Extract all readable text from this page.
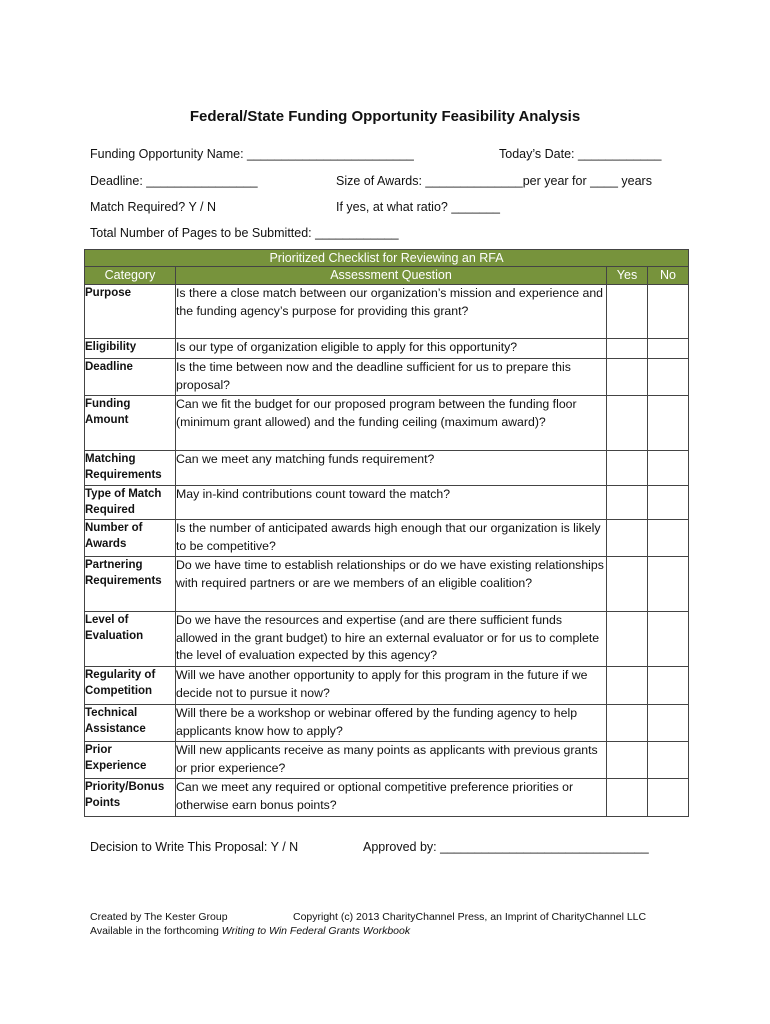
Federal/State Funding Opportunity Feasibility Analysis
Funding Opportunity Name: ________________________	Today’s Date: ____________
Deadline: ________________	Size of Awards: ______________per year for ____ years
Match Required? Y / N	If yes, at what ratio? _______
Total Number of Pages to be Submitted: ____________
Prioritized Checklist for Reviewing an RFA			
Category	Assessment Question	Yes	No
Purpose	Is there a close match between our organization’s mission and experience and the funding agency’s purpose for providing this grant?		
Eligibility	Is our type of organization eligible to apply for this opportunity?		
Deadline	Is the time between now and the deadline sufficient for us to prepare this proposal?		
Funding Amount	Can we fit the budget for our proposed program between the funding floor (minimum grant allowed) and the funding ceiling (maximum award)?		
Matching Requirements	Can we meet any matching funds requirement?		
Type of Match Required	May in-kind contributions count toward the match?		
Number of Awards	Is the number of anticipated awards high enough that our organization is likely to be competitive?		
Partnering Requirements	Do we have time to establish relationships or do we have existing relationships with required partners or are we members of an eligible coalition?		
Level of Evaluation	Do we have the resources and expertise (and are there sufficient funds allowed in the grant budget) to hire an external evaluator or for us to complete the level of evaluation expected by this agency?		
Regularity of Competition	Will we have another opportunity to apply for this program in the future if we decide not to pursue it now?		
Technical Assistance	Will there be a workshop or webinar offered by the funding agency to help applicants know how to apply?		
Prior Experience	Will new applicants receive as many points as applicants with previous grants or prior experience?		
Priority/Bonus Points	Can we meet any required or optional competitive preference priorities or otherwise earn bonus points?		
Decision to Write This Proposal: Y / N	Approved by: ______________________________
Created by The Kester Group	Copyright (c) 2013 CharityChannel Press, an Imprint of CharityChannel LLC
Available in the forthcoming Writing to Win Federal Grants Workbook
